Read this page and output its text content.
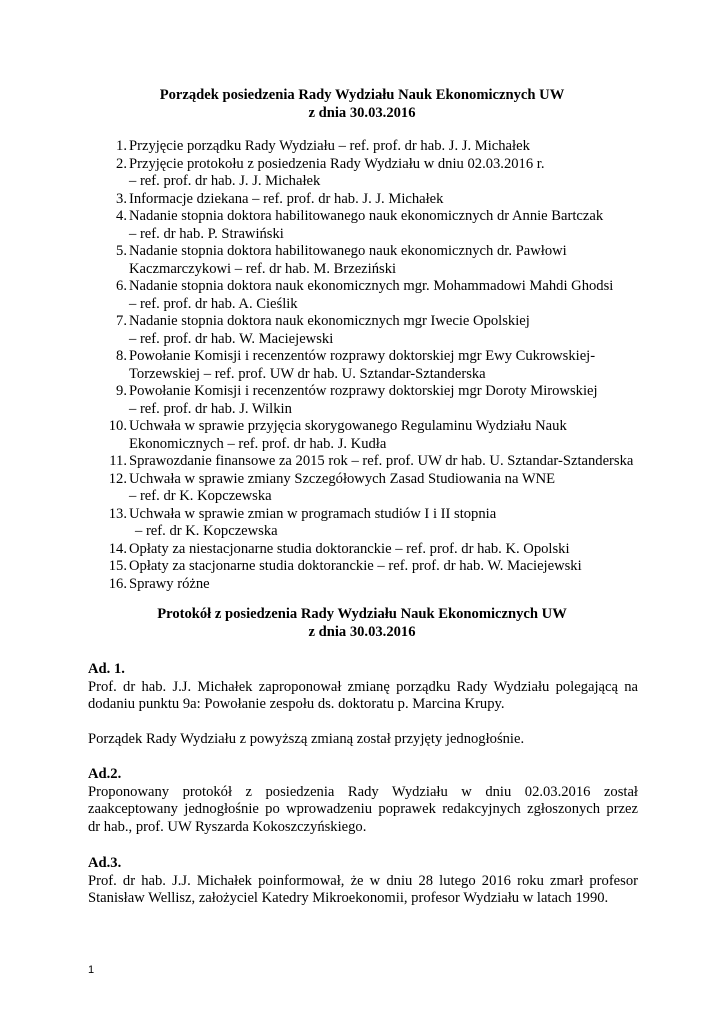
Porządek posiedzenia Rady Wydziału Nauk Ekonomicznych UW
z dnia 30.03.2016
1. Przyjęcie porządku Rady Wydziału – ref. prof. dr hab. J. J. Michałek
2. Przyjęcie protokołu z posiedzenia Rady Wydziału w dniu 02.03.2016 r.
– ref. prof. dr hab. J. J. Michałek
3. Informacje dziekana – ref. prof. dr hab. J. J. Michałek
4. Nadanie stopnia doktora habilitowanego nauk ekonomicznych dr Annie Bartczak
– ref. dr hab. P. Strawiński
5. Nadanie stopnia doktora habilitowanego nauk ekonomicznych dr. Pawłowi
Kaczmarczykowi – ref. dr hab. M. Brzeziński
6. Nadanie stopnia doktora nauk ekonomicznych mgr. Mohammadowi Mahdi Ghodsi
– ref. prof. dr hab. A. Cieślik
7. Nadanie stopnia doktora nauk ekonomicznych mgr Iwecie Opolskiej
– ref. prof. dr hab. W. Maciejewski
8. Powołanie Komisji i recenzentów rozprawy doktorskiej mgr Ewy Cukrowskiej-
Torzewskiej – ref. prof. UW dr hab. U. Sztandar-Sztanderska
9. Powołanie Komisji i recenzentów rozprawy doktorskiej mgr Doroty Mirowskiej
– ref. prof. dr hab. J. Wilkin
10. Uchwała w sprawie przyjęcia skorygowanego Regulaminu Wydziału Nauk
Ekonomicznych – ref. prof. dr hab. J. Kudła
11. Sprawozdanie finansowe za 2015 rok – ref. prof. UW dr hab. U. Sztandar-Sztanderska
12. Uchwała w sprawie zmiany Szczegółowych Zasad Studiowania na WNE
– ref. dr K. Kopczewska
13. Uchwała w sprawie zmian w programach studiów I i II stopnia
– ref. dr K. Kopczewska
14. Opłaty za niestacjonarne studia doktoranckie – ref. prof. dr hab. K. Opolski
15. Opłaty za stacjonarne studia doktoranckie – ref. prof. dr hab. W. Maciejewski
16. Sprawy różne
Protokół z posiedzenia Rady Wydziału Nauk Ekonomicznych UW
z dnia 30.03.2016

Ad. 1.

Prof. dr hab. J.J. Michałek zaproponował zmianę porządku Rady Wydziału polegającą na
dodaniu punktu 9a: Powołanie zespołu ds. doktoratu p. Marcina Krupy.

Porządek Rady Wydziału z powyższą zmianą został przyjęty jednogłośnie.

Ad.2.

Proponowany protokół z posiedzenia Rady Wydziału w dniu 02.03.2016 został
zaakceptowany jednogłośnie po wprowadzeniu poprawek redakcyjnych zgłoszonych przez
dr hab., prof. UW Ryszarda Kokoszczyńskiego.

Ad.3.

Prof. dr hab. J.J. Michałek poinformował, że w dniu 28 lutego 2016 roku zmarł profesor
Stanisław Wellisz, założyciel Katedry Mikroekonomii, profesor Wydziału w latach 1990.

1
